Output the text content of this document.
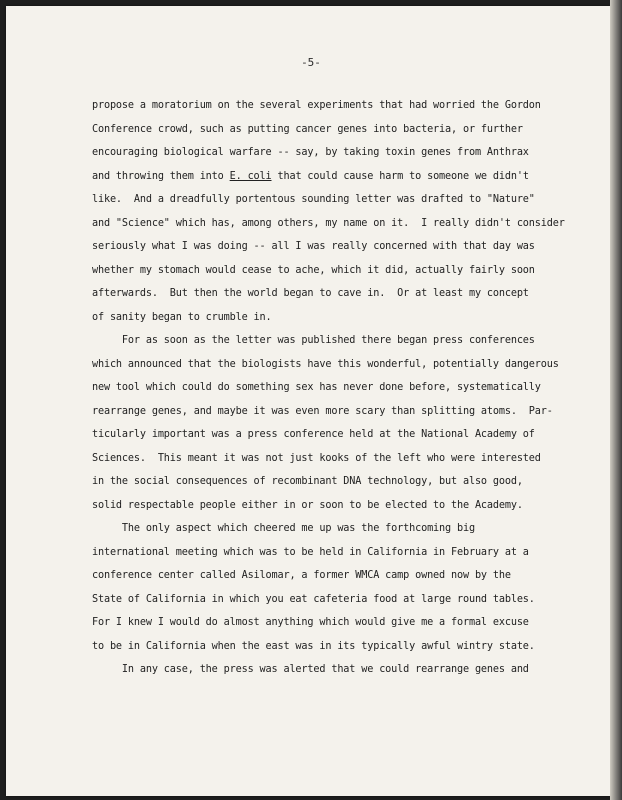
-5-
propose a moratorium on the several experiments that had worried the Gordon
Conference crowd, such as putting cancer genes into bacteria, or further
encouraging biological warfare -- say, by taking toxin genes from Anthrax
and throwing them into E. coli that could cause harm to someone we didn't
like.  And a dreadfully portentous sounding letter was drafted to "Nature"
and "Science" which has, among others, my name on it.  I really didn't consider
seriously what I was doing -- all I was really concerned with that day was
whether my stomach would cease to ache, which it did, actually fairly soon
afterwards.  But then the world began to cave in.  Or at least my concept
of sanity began to crumble in.
For as soon as the letter was published there began press conferences
which announced that the biologists have this wonderful, potentially dangerous
new tool which could do something sex has never done before, systematically
rearrange genes, and maybe it was even more scary than splitting atoms.  Par-
ticularly important was a press conference held at the National Academy of
Sciences.  This meant it was not just kooks of the left who were interested
in the social consequences of recombinant DNA technology, but also good,
solid respectable people either in or soon to be elected to the Academy.
The only aspect which cheered me up was the forthcoming big
international meeting which was to be held in California in February at a
conference center called Asilomar, a former WMCA camp owned now by the
State of California in which you eat cafeteria food at large round tables.
For I knew I would do almost anything which would give me a formal excuse
to be in California when the east was in its typically awful wintry state.
In any case, the press was alerted that we could rearrange genes and
